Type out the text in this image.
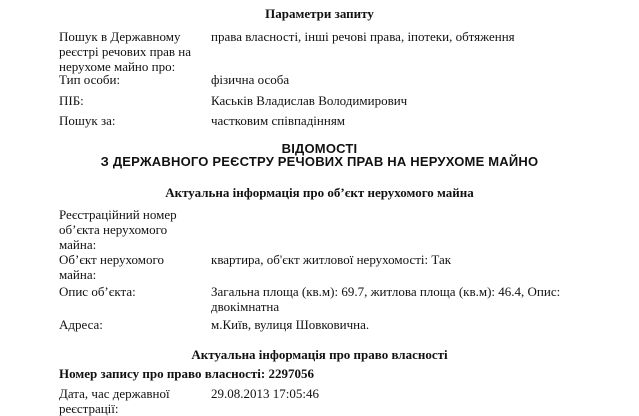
Параметри запиту
Пошук в Державному реєстрі речових прав на нерухоме майно про:
права власності, інші речові права, іпотеки, обтяження
Тип особи:	фізична особа
ПІБ:	Каськів Владислав Володимирович
Пошук за:	частковим співпадінням
ВІДОМОСТІ
З ДЕРЖАВНОГО РЕЄСТРУ РЕЧОВИХ ПРАВ НА НЕРУХОМЕ МАЙНО
Актуальна інформація про об’єкт нерухомого майна
Реєстраційний номер об’єкта нерухомого майна:
Об’єкт нерухомого майна:
квартира, об'єкт житлової нерухомості: Так
Опис об’єкта:	Загальна площа (кв.м): 69.7, житлова площа (кв.м): 46.4, Опис: двокімнатна
Адреса:	м.Київ, вулиця Шовковична.
Актуальна інформація про право власності
Номер запису про право власності: 2297056
Дата, час державної реєстрації:
29.08.2013 17:05:46
